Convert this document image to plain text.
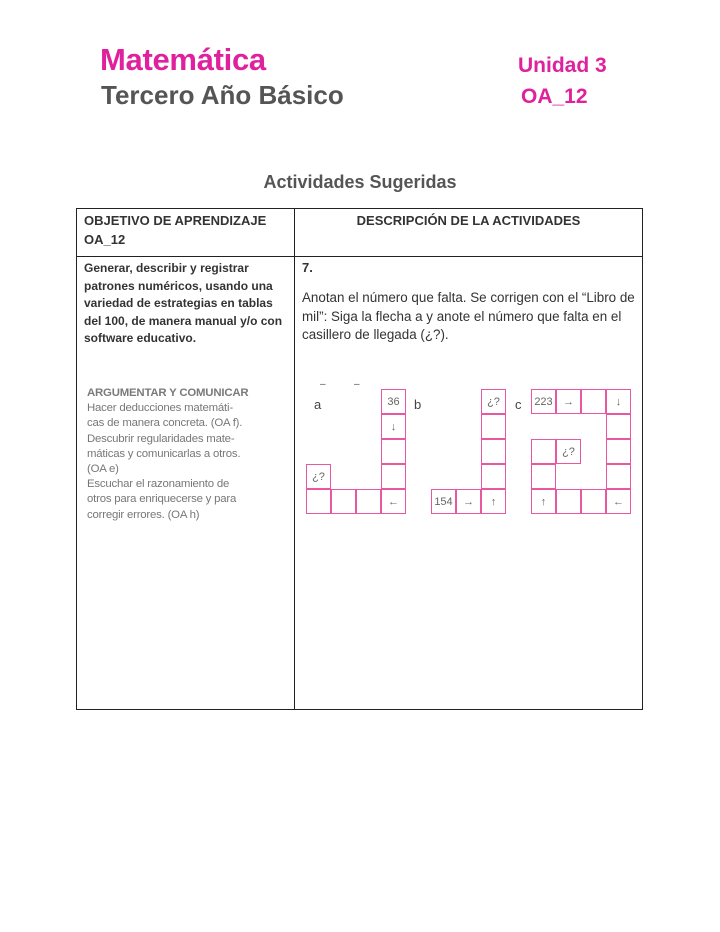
Matemática
Tercero Año Básico
Unidad 3
OA_12
Actividades Sugeridas
OBJETIVO DE APRENDIZAJE OA_12
DESCRIPCIÓN DE LA ACTIVIDADES
Generar, describir y registrar patrones numéricos, usando una variedad de estrategias en tablas del 100, de manera manual y/o con software educativo.
ARGUMENTAR Y COMUNICAR
Hacer deducciones matemáti-
cas de manera concreta. (OA f).
Descubrir regularidades mate-
máticas y comunicarlas a otros.
(OA e)
Escuchar el razonamiento de
otros para enriquecerse y para
corregir errores. (OA h)
7.
Anotan el número que falta. Se corrigen con el “Libro de mil”: Siga la flecha a y anote el número que falta en el casillero de llegada (¿?).
–	–
a	36
↓
←
¿?
b	¿?
↑
→
154
c	223 →	↓
←
↑
¿?
